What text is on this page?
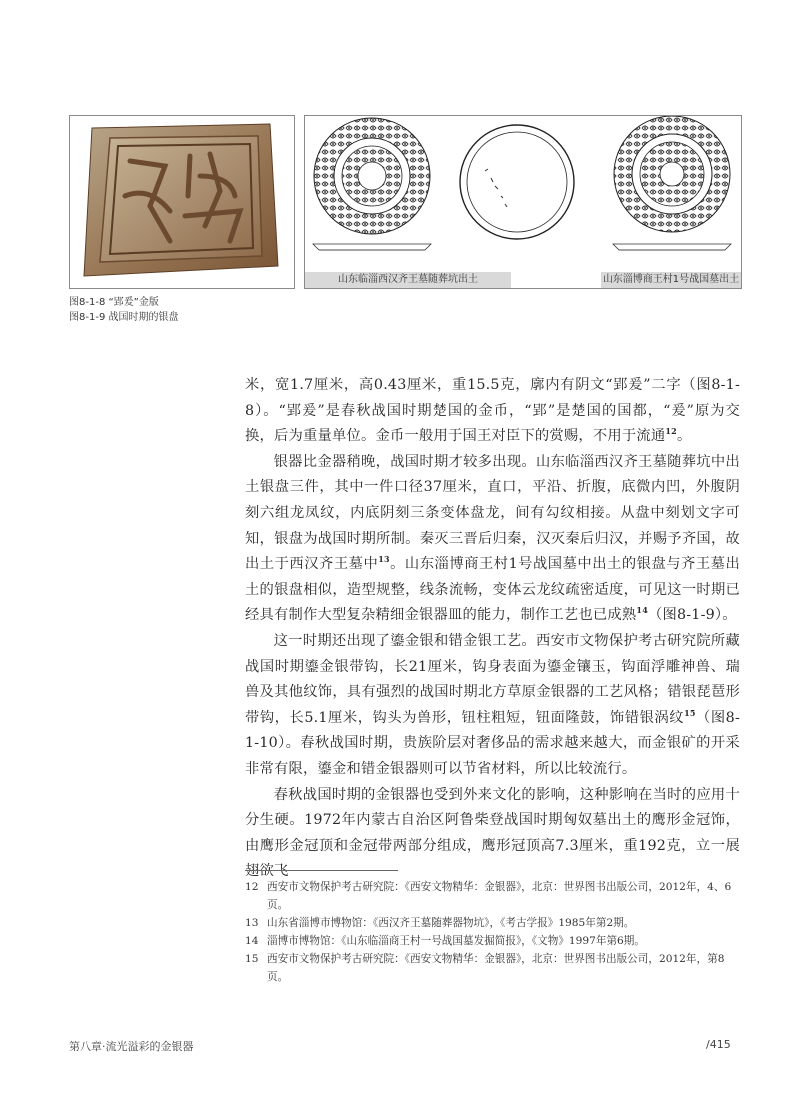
山东临淄西汉齐王墓随葬坑出土	山东淄博商王村1号战国墓出土
图8-1-8 “郢爰”金版
图8-1-9 战国时期的银盘

米，宽1.7厘米，高0.43厘米，重15.5克，廓内有阴文“郢爰”二字（图8-1-8）。“郢爰”是春秋战国时期楚国的金币，“郢”是楚国的国都，“爰”原为交换，后为重量单位。金币一般用于国王对臣下的赏赐，不用于流通$^{12}$。

银器比金器稍晚，战国时期才较多出现。山东临淄西汉齐王墓随葬坑中出土银盘三件，其中一件口径37厘米，直口，平沿、折腹，底微内凹，外腹阴刻六组龙凤纹，内底阴刻三条变体盘龙，间有勾纹相接。从盘中刻划文字可知，银盘为战国时期所制。秦灭三晋后归秦，汉灭秦后归汉，并赐予齐国，故出土于西汉齐王墓中$^{13}$。山东淄博商王村1号战国墓中出土的银盘与齐王墓出土的银盘相似，造型规整，线条流畅，变体云龙纹疏密适度，可见这一时期已经具有制作大型复杂精细金银器皿的能力，制作工艺也已成熟$^{14}$（图8-1-9）。

这一时期还出现了鎏金银和错金银工艺。西安市文物保护考古研究院所藏战国时期鎏金银带钩，长21厘米，钩身表面为鎏金镶玉，钩面浮雕神兽、瑞兽及其他纹饰，具有强烈的战国时期北方草原金银器的工艺风格；错银琵琶形带钩，长5.1厘米，钩头为兽形，钮柱粗短，钮面隆鼓，饰错银涡纹$^{15}$（图8-1-10）。春秋战国时期，贵族阶层对奢侈品的需求越来越大，而金银矿的开采非常有限，鎏金和错金银器则可以节省材料，所以比较流行。

春秋战国时期的金银器也受到外来文化的影响，这种影响在当时的应用十分生硬。1972年内蒙古自治区阿鲁柴登战国时期匈奴墓出土的鹰形金冠饰，由鹰形金冠顶和金冠带两部分组成，鹰形冠顶高7.3厘米，重192克，立一展翅欲飞

12 西安市文物保护考古研究院：《西安文物精华：金银器》，北京：世界图书出版公司，2012年，4、6页。
13 山东省淄博市博物馆：《西汉齐王墓随葬器物坑》，《考古学报》1985年第2期。
14 淄博市博物馆：《山东临淄商王村一号战国墓发掘简报》，《文物》1997年第6期。
15 西安市文物保护考古研究院：《西安文物精华：金银器》，北京：世界图书出版公司，2012年，第8页。
第八章·流光溢彩的金银器	/415
